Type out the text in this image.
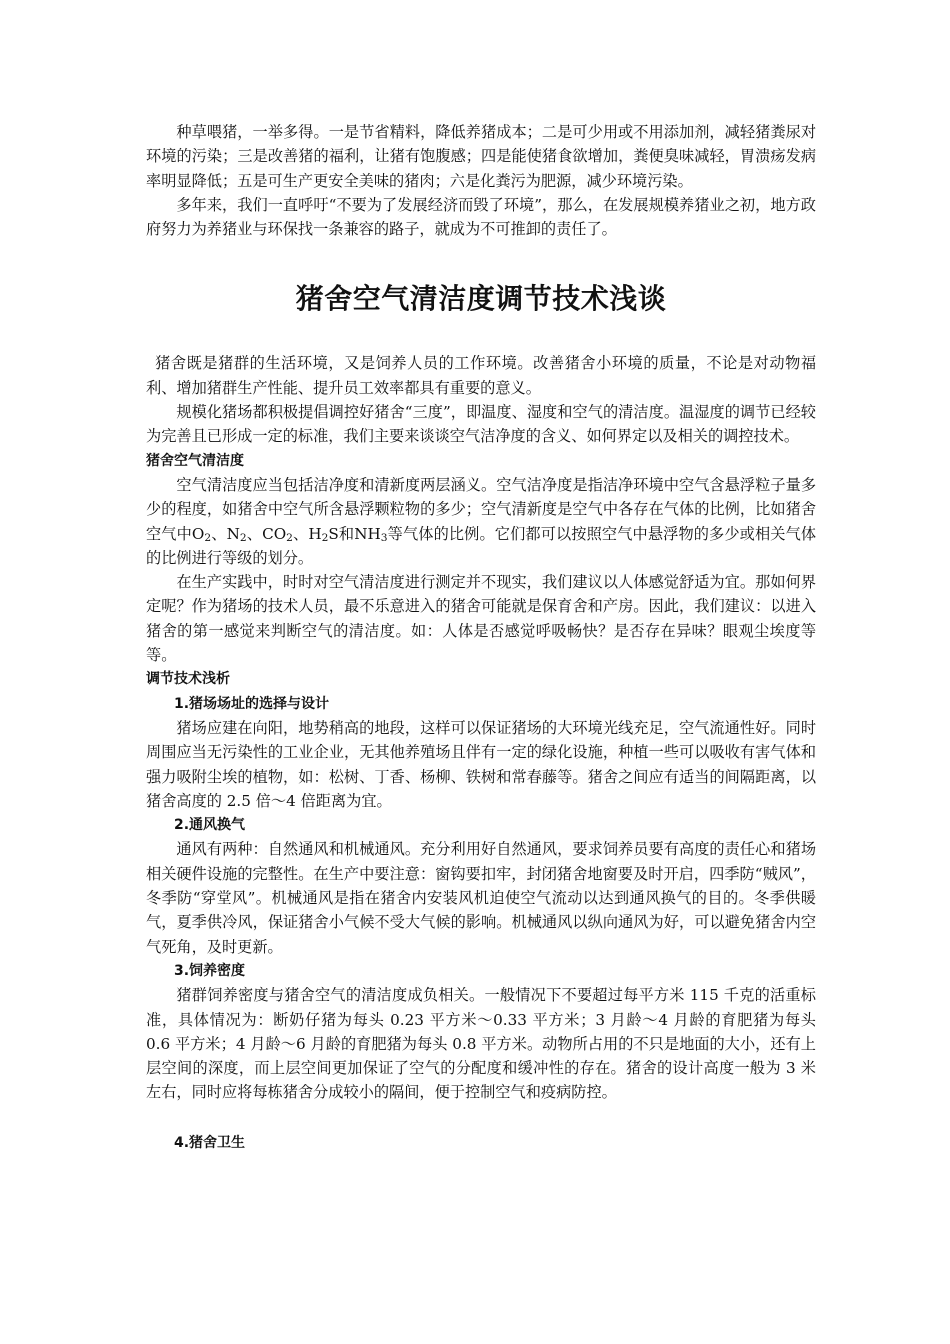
种草喂猪，一举多得。一是节省精料，降低养猪成本；二是可少用或不用添加剂，减轻猪粪尿对环境的污染；三是改善猪的福利，让猪有饱腹感；四是能使猪食欲增加，粪便臭味减轻，胃溃疡发病率明显降低；五是可生产更安全美味的猪肉；六是化粪污为肥源，减少环境污染。

多年来，我们一直呼吁“不要为了发展经济而毁了环境”，那么，在发展规模养猪业之初，地方政府努力为养猪业与环保找一条兼容的路子，就成为不可推卸的责任了。

猪舍空气清洁度调节技术浅谈

猪舍既是猪群的生活环境，又是饲养人员的工作环境。改善猪舍小环境的质量，不论是对动物福利、增加猪群生产性能、提升员工效率都具有重要的意义。

规模化猪场都积极提倡调控好猪舍“三度”，即温度、湿度和空气的清洁度。温湿度的调节已经较为完善且已形成一定的标准，我们主要来谈谈空气洁净度的含义、如何界定以及相关的调控技术。

猪舍空气清洁度

空气清洁度应当包括洁净度和清新度两层涵义。空气洁净度是指洁净环境中空气含悬浮粒子量多少的程度，如猪舍中空气所含悬浮颗粒物的多少；空气清新度是空气中各存在气体的比例，比如猪舍空气中O2、N2、CO2、H2S和NH3等气体的比例。它们都可以按照空气中悬浮物的多少或相关气体的比例进行等级的划分。

在生产实践中，时时对空气清洁度进行测定并不现实，我们建议以人体感觉舒适为宜。那如何界定呢？作为猪场的技术人员，最不乐意进入的猪舍可能就是保育舍和产房。因此，我们建议：以进入猪舍的第一感觉来判断空气的清洁度。如：人体是否感觉呼吸畅快？是否存在异味？眼观尘埃度等等。

调节技术浅析

1.猪场场址的选择与设计

猪场应建在向阳，地势稍高的地段，这样可以保证猪场的大环境光线充足，空气流通性好。同时周围应当无污染性的工业企业，无其他养殖场且伴有一定的绿化设施，种植一些可以吸收有害气体和强力吸附尘埃的植物，如：松树、丁香、杨柳、铁树和常春藤等。猪舍之间应有适当的间隔距离，以猪舍高度的 2.5 倍～4 倍距离为宜。

2.通风换气

通风有两种：自然通风和机械通风。充分利用好自然通风，要求饲养员要有高度的责任心和猪场相关硬件设施的完整性。在生产中要注意：窗钩要扣牢，封闭猪舍地窗要及时开启，四季防“贼风”，冬季防“穿堂风”。机械通风是指在猪舍内安装风机迫使空气流动以达到通风换气的目的。冬季供暖气，夏季供冷风，保证猪舍小气候不受大气候的影响。机械通风以纵向通风为好，可以避免猪舍内空气死角，及时更新。

3.饲养密度

猪群饲养密度与猪舍空气的清洁度成负相关。一般情况下不要超过每平方米 115 千克的活重标准，具体情况为：断奶仔猪为每头 0.23 平方米～0.33 平方米；3 月龄～4 月龄的育肥猪为每头 0.6 平方米；4 月龄～6 月龄的育肥猪为每头 0.8 平方米。动物所占用的不只是地面的大小，还有上层空间的深度，而上层空间更加保证了空气的分配度和缓冲性的存在。猪舍的设计高度一般为 3 米左右，同时应将每栋猪舍分成较小的隔间，便于控制空气和疫病防控。

4.猪舍卫生
